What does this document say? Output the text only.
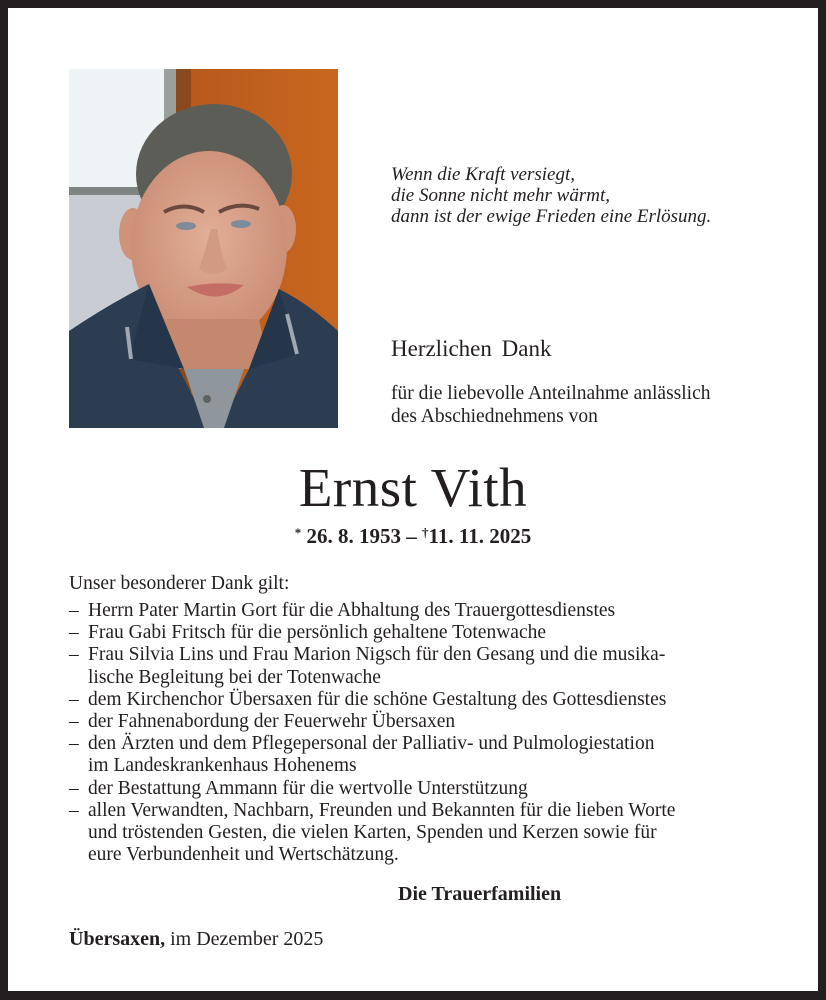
Wenn die Kraft versiegt,
die Sonne nicht mehr wärmt,
dann ist der ewige Frieden eine Erlösung.
Herzlichen Dank
für die liebevolle Anteilnahme anlässlich
des Abschiednehmens von
Ernst Vith
* 26. 8. 1953 – †11. 11. 2025
Unser besonderer Dank gilt:
– Herrn Pater Martin Gort für die Abhaltung des Trauergottesdienstes
– Frau Gabi Fritsch für die persönlich gehaltene Totenwache
– Frau Silvia Lins und Frau Marion Nigsch für den Gesang und die musika-
lische Begleitung bei der Totenwache
– dem Kirchenchor Übersaxen für die schöne Gestaltung des Gottesdienstes
– der Fahnenabordung der Feuerwehr Übersaxen
– den Ärzten und dem Pflegepersonal der Palliativ- und Pulmologiestation
im Landeskrankenhaus Hohenems
– der Bestattung Ammann für die wertvolle Unterstützung
– allen Verwandten, Nachbarn, Freunden und Bekannten für die lieben Worte
und tröstenden Gesten, die vielen Karten, Spenden und Kerzen sowie für
eure Verbundenheit und Wertschätzung.
Die Trauerfamilien
Übersaxen, im Dezember 2025
